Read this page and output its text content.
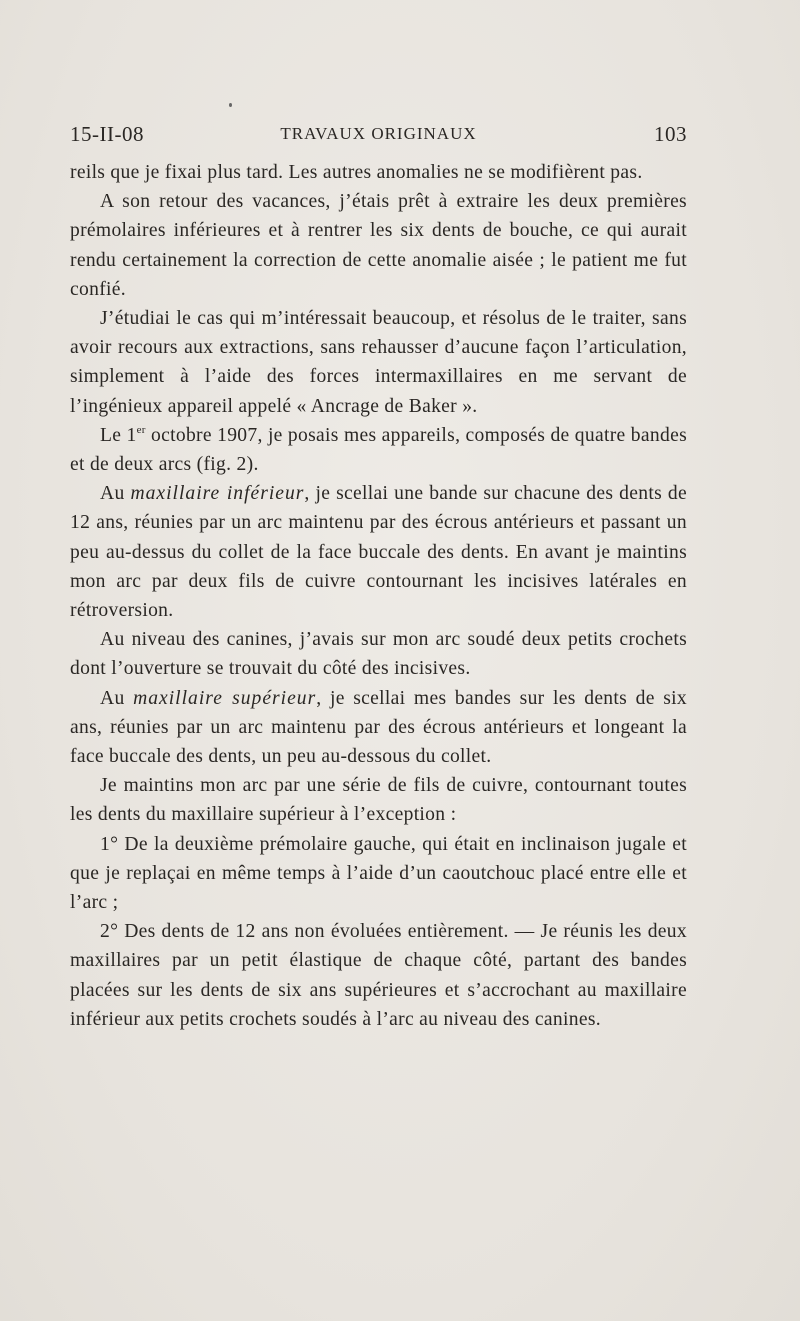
15-II-08	TRAVAUX ORIGINAUX	103

reils que je fixai plus tard. Les autres anomalies ne se modifièrent pas.

A son retour des vacances, j’étais prêt à extraire les deux premières prémolaires inférieures et à rentrer les six dents de bouche, ce qui aurait rendu certainement la correction de cette anomalie aisée ; le patient me fut confié.

J’étudiai le cas qui m’intéressait beaucoup, et résolus de le traiter, sans avoir recours aux extractions, sans rehausser d’aucune façon l’articulation, simplement à l’aide des forces intermaxillaires en me servant de l’ingénieux appareil appelé « Ancrage de Baker ».

Le 1er octobre 1907, je posais mes appareils, composés de quatre bandes et de deux arcs (fig. 2).

Au maxillaire inférieur, je scellai une bande sur chacune des dents de 12 ans, réunies par un arc maintenu par des écrous antérieurs et passant un peu au-dessus du collet de la face buccale des dents. En avant je maintins mon arc par deux fils de cuivre contournant les incisives latérales en rétroversion.

Au niveau des canines, j’avais sur mon arc soudé deux petits crochets dont l’ouverture se trouvait du côté des incisives.

Au maxillaire supérieur, je scellai mes bandes sur les dents de six ans, réunies par un arc maintenu par des écrous antérieurs et longeant la face buccale des dents, un peu au-dessous du collet.

Je maintins mon arc par une série de fils de cuivre, contournant toutes les dents du maxillaire supérieur à l’exception :

1° De la deuxième prémolaire gauche, qui était en inclinaison jugale et que je replaçai en même temps à l’aide d’un caoutchouc placé entre elle et l’arc ;

2° Des dents de 12 ans non évoluées entièrement. — Je réunis les deux maxillaires par un petit élastique de chaque côté, partant des bandes placées sur les dents de six ans supérieures et s’accrochant au maxillaire inférieur aux petits crochets soudés à l’arc au niveau des canines.
